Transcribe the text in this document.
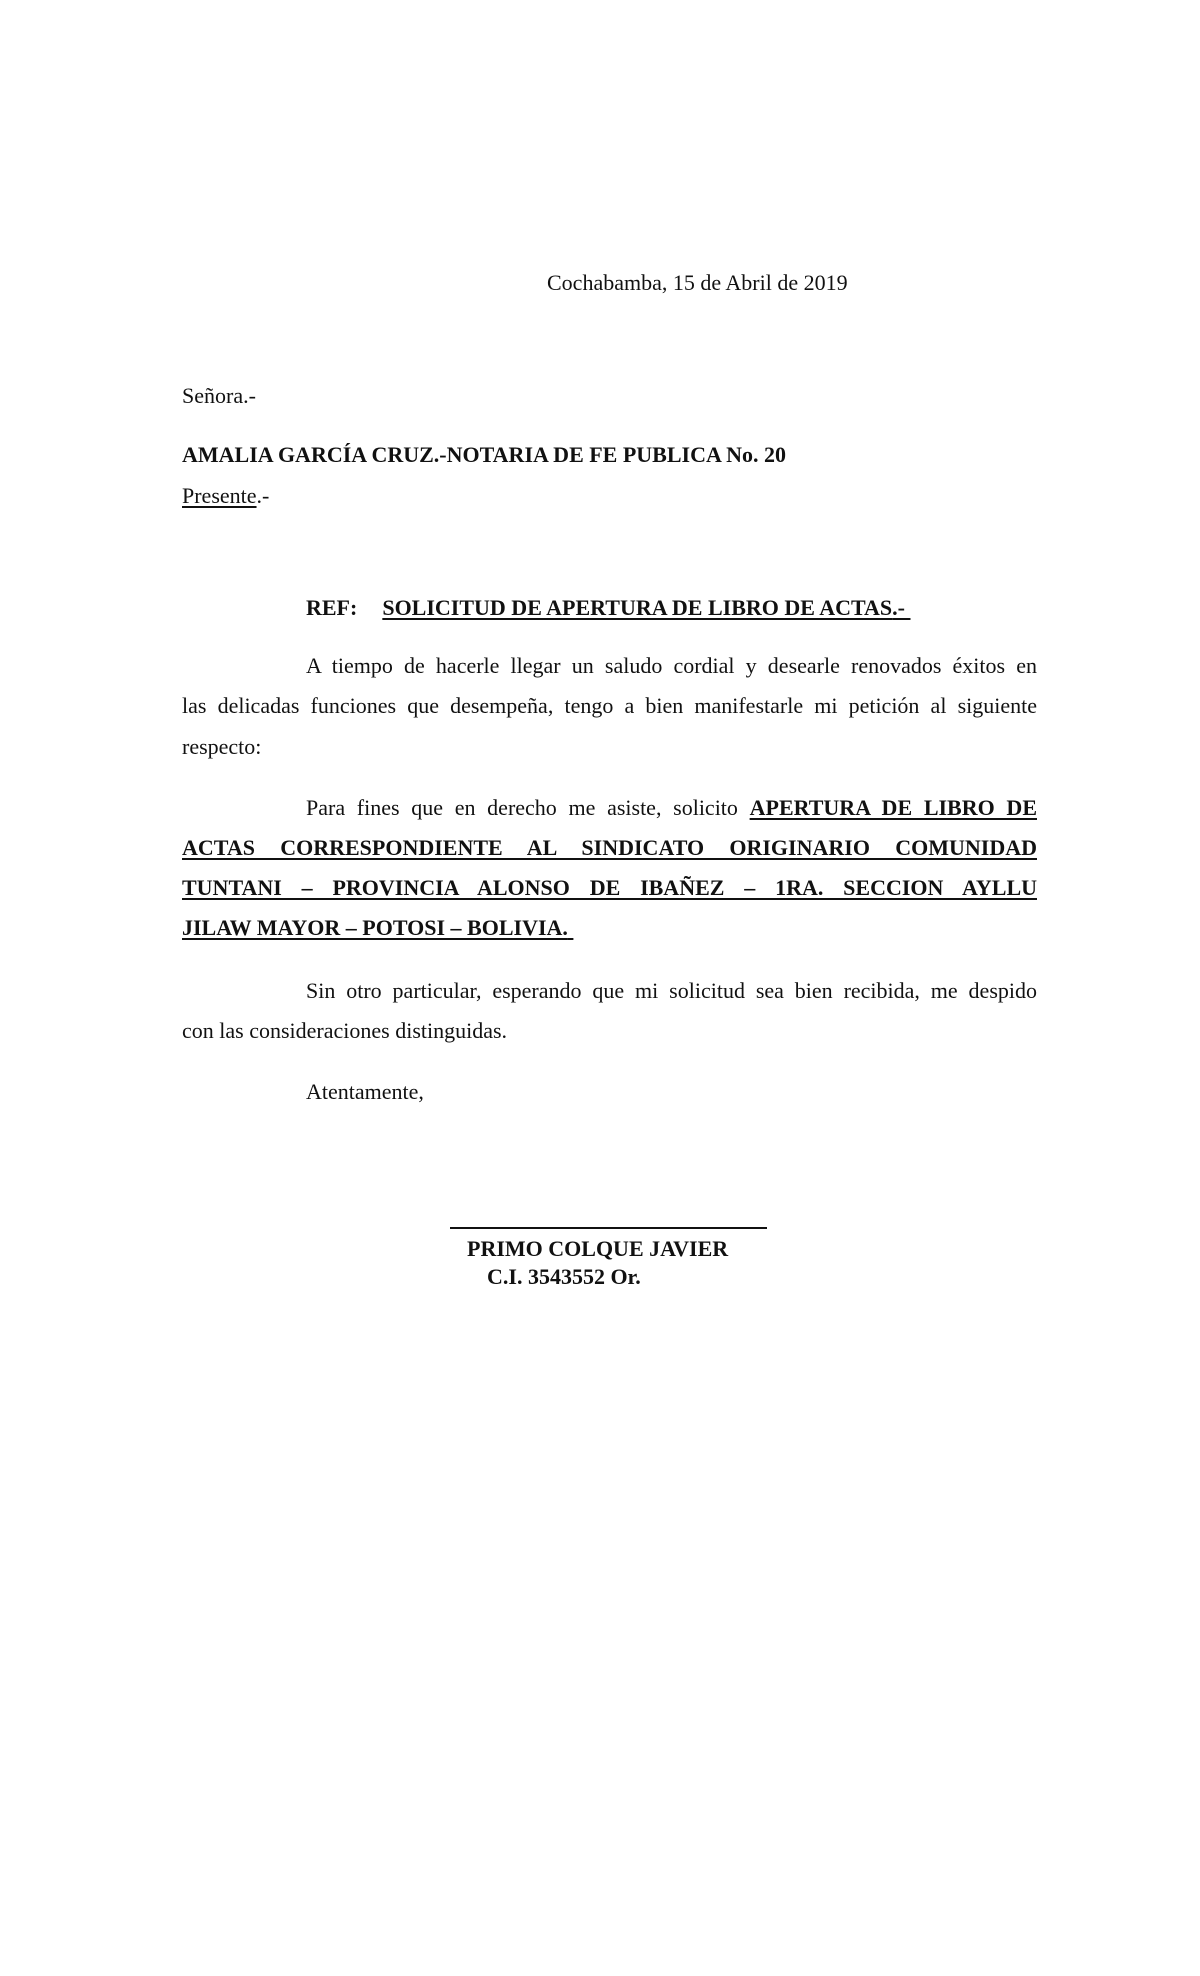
Cochabamba, 15 de Abril de 2019
Señora.-
AMALIA GARCÍA CRUZ.-NOTARIA DE FE PUBLICA No. 20
Presente.-
REF: SOLICITUD DE APERTURA DE LIBRO DE ACTAS.-
A tiempo de hacerle llegar un saludo cordial y desearle renovados éxitos en
las delicadas funciones que desempeña, tengo a bien manifestarle mi petición al siguiente
respecto:
Para fines que en derecho me asiste, solicito APERTURA DE LIBRO DE
ACTAS CORRESPONDIENTE AL SINDICATO ORIGINARIO COMUNIDAD
TUNTANI – PROVINCIA ALONSO DE IBAÑEZ – 1RA. SECCION AYLLU
JILAW MAYOR – POTOSI – BOLIVIA.
Sin otro particular, esperando que mi solicitud sea bien recibida, me despido
con las consideraciones distinguidas.
Atentamente,
PRIMO COLQUE JAVIER
C.I. 3543552 Or.
